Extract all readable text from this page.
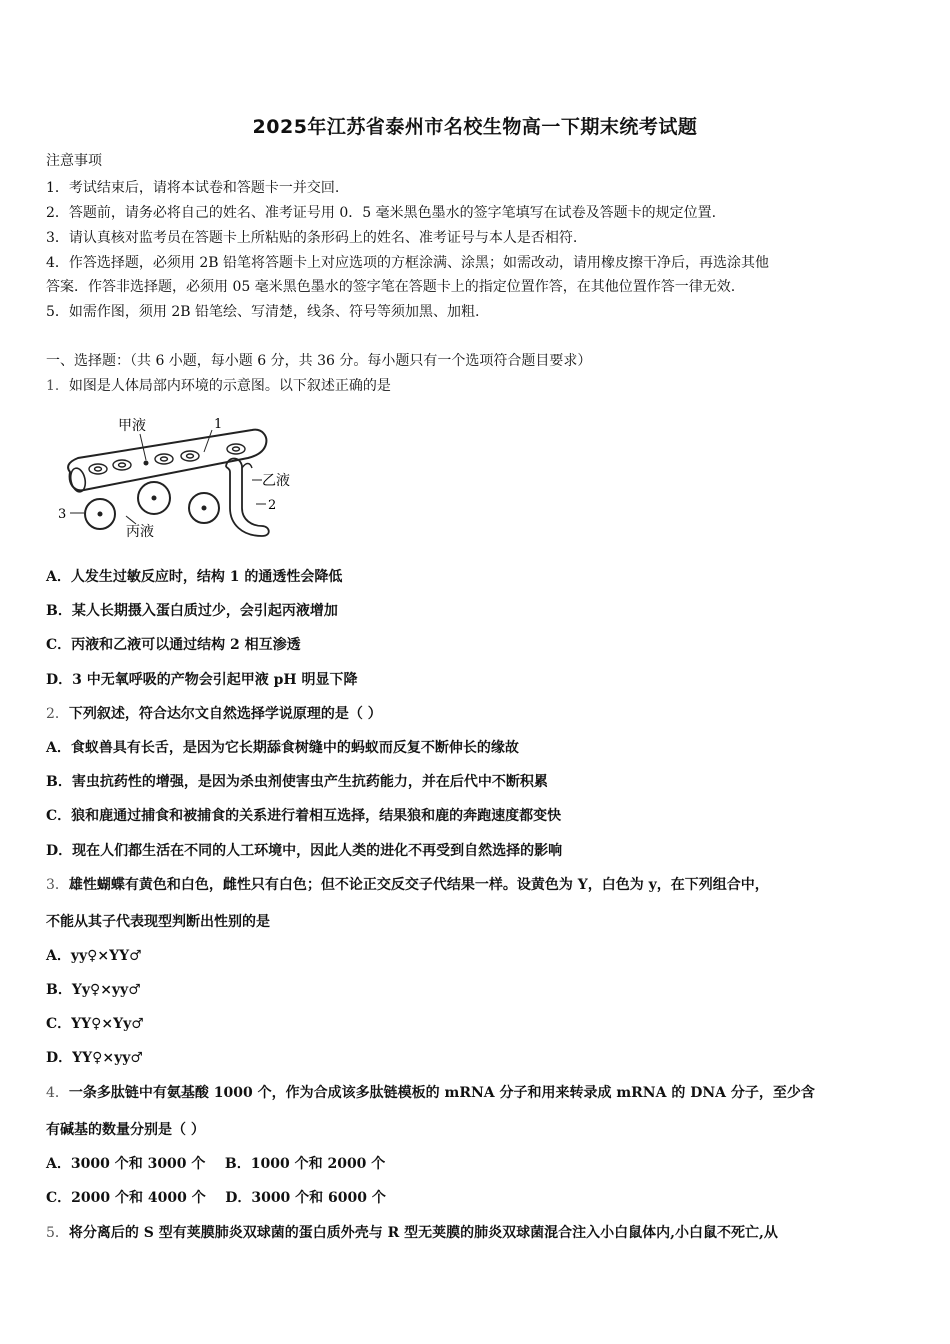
2025年江苏省泰州市名校生物高一下期末统考试题
注意事项
1．考试结束后，请将本试卷和答题卡一并交回.
2．答题前，请务必将自己的姓名、准考证号用 0．5 毫米黑色墨水的签字笔填写在试卷及答题卡的规定位置.
3．请认真核对监考员在答题卡上所粘贴的条形码上的姓名、准考证号与本人是否相符.
4．作答选择题，必须用 2B 铅笔将答题卡上对应选项的方框涂满、涂黑；如需改动，请用橡皮擦干净后，再选涂其他
答案．作答非选择题，必须用 05 毫米黑色墨水的签字笔在答题卡上的指定位置作答，在其他位置作答一律无效.
5．如需作图，须用 2B 铅笔绘、写清楚，线条、符号等须加黑、加粗.
一、选择题：（共 6 小题，每小题 6 分，共 36 分。每小题只有一个选项符合题目要求）
1．如图是人体局部内环境的示意图。以下叙述正确的是
甲液	1
3
丙液
乙液
2
A．人发生过敏反应时，结构 1 的通透性会降低
B．某人长期摄入蛋白质过少，会引起丙液增加
C．丙液和乙液可以通过结构 2 相互渗透
D．3 中无氧呼吸的产物会引起甲液 pH 明显下降
2．下列叙述，符合达尔文自然选择学说原理的是（ ）
A．食蚁兽具有长舌，是因为它长期舔食树缝中的蚂蚁而反复不断伸长的缘故
B．害虫抗药性的增强，是因为杀虫剂使害虫产生抗药能力，并在后代中不断积累
C．狼和鹿通过捕食和被捕食的关系进行着相互选择，结果狼和鹿的奔跑速度都变快
D．现在人们都生活在不同的人工环境中，因此人类的进化不再受到自然选择的影响
3．雄性蝴蝶有黄色和白色，雌性只有白色；但不论正交反交子代结果一样。设黄色为 Y，白色为 y，在下列组合中，
不能从其子代表现型判断出性别的是
A．yy♀×YY♂
B．Yy♀×yy♂
C．YY♀×Yy♂
D．YY♀×yy♂
4．一条多肽链中有氨基酸 1000 个，作为合成该多肽链模板的 mRNA 分子和用来转录成 mRNA 的 DNA 分子，至少含
有碱基的数量分别是（ ）
A．3000 个和 3000 个    B．1000 个和 2000 个
C．2000 个和 4000 个    D．3000 个和 6000 个
5．将分离后的 S 型有荚膜肺炎双球菌的蛋白质外壳与 R 型无荚膜的肺炎双球菌混合注入小白鼠体内,小白鼠不死亡,从
